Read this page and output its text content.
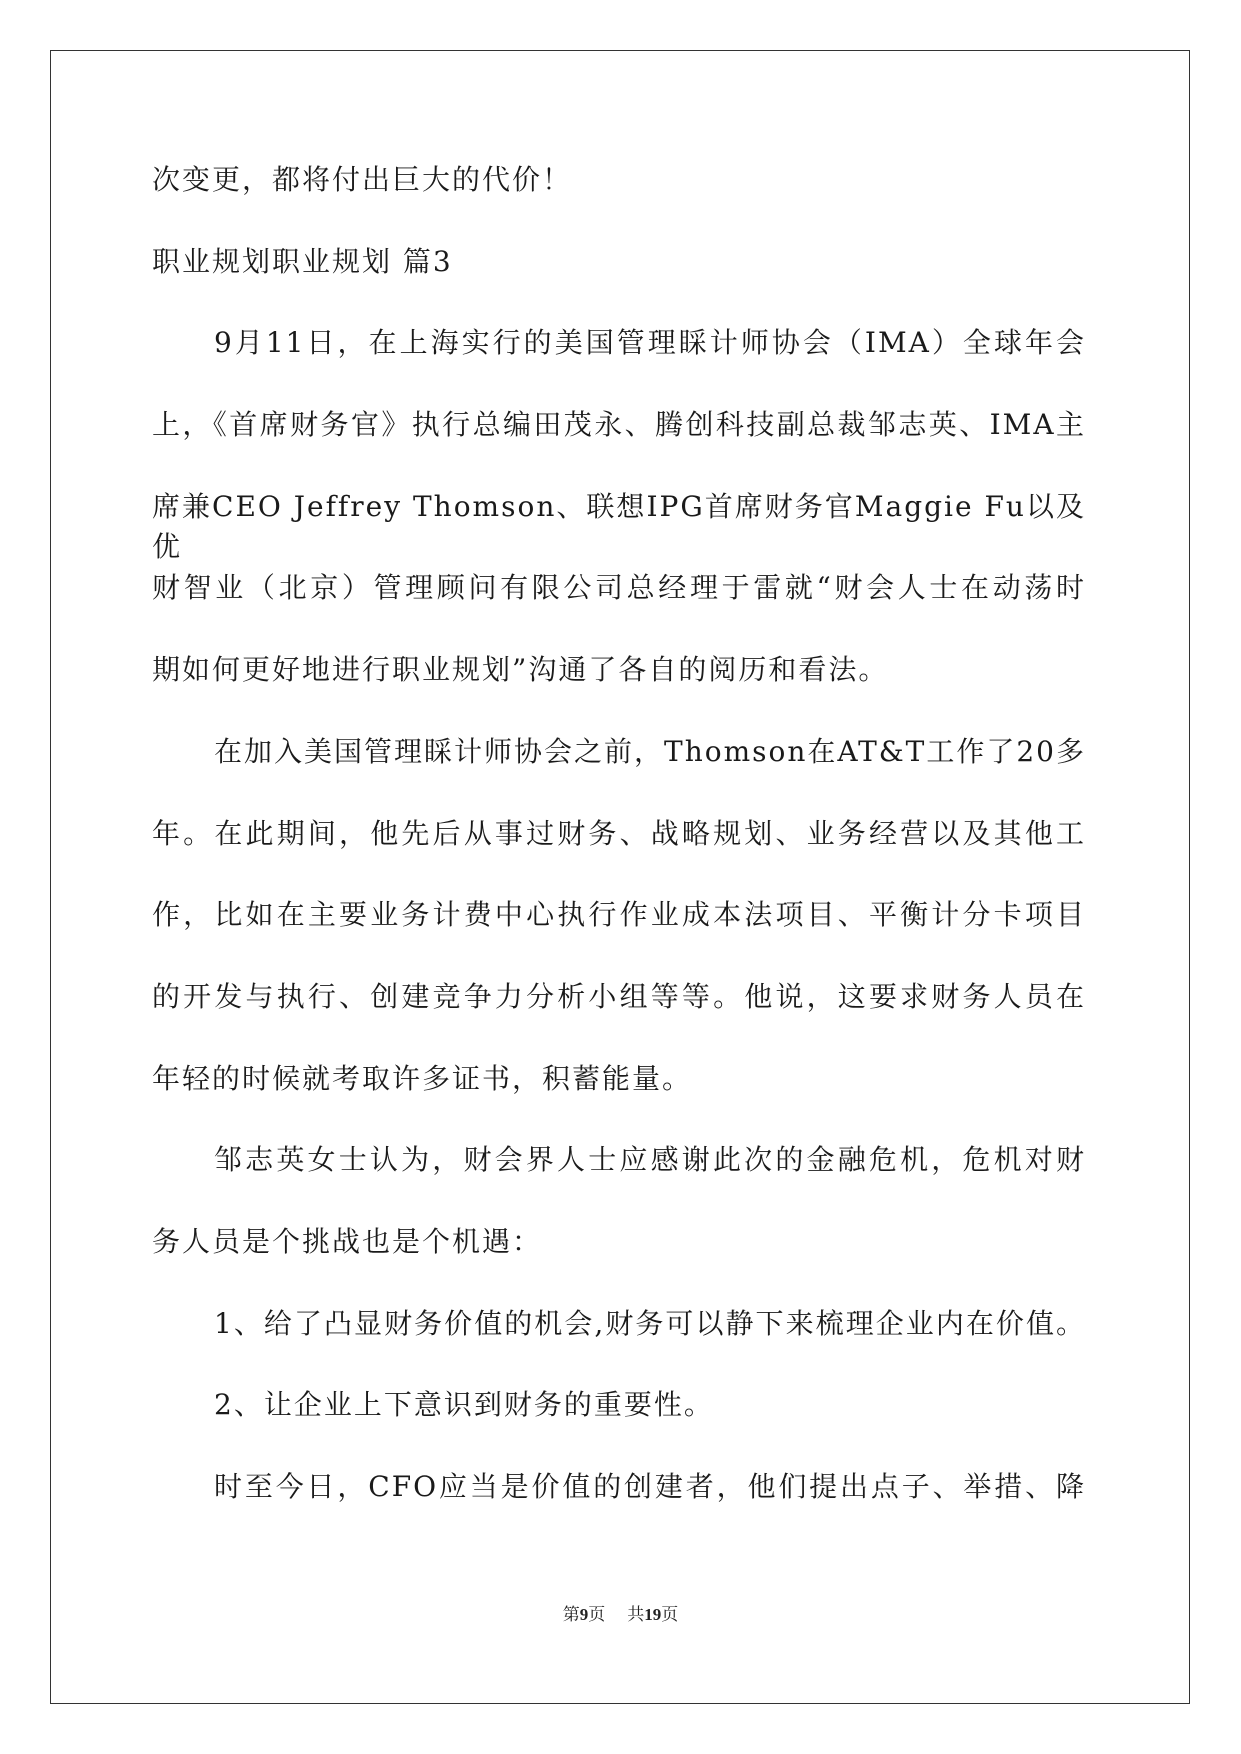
次变更，都将付出巨大的代价！
职业规划职业规划 篇3
9月11日，在上海实行的美国管理睬计师协会（IMA）全球年会
上，《首席财务官》执行总编田茂永、腾创科技副总裁邹志英、IMA主
席兼CEO Jeffrey Thomson、联想IPG首席财务官Maggie Fu以及优
财智业（北京）管理顾问有限公司总经理于雷就“财会人士在动荡时
期如何更好地进行职业规划”沟通了各自的阅历和看法。
在加入美国管理睬计师协会之前，Thomson在AT&T工作了20多
年。在此期间，他先后从事过财务、战略规划、业务经营以及其他工
作，比如在主要业务计费中心执行作业成本法项目、平衡计分卡项目
的开发与执行、创建竞争力分析小组等等。他说，这要求财务人员在
年轻的时候就考取许多证书，积蓄能量。
邹志英女士认为，财会界人士应感谢此次的金融危机，危机对财
务人员是个挑战也是个机遇：
1、给了凸显财务价值的机会,财务可以静下来梳理企业内在价值。
2、让企业上下意识到财务的重要性。
时至今日，CFO应当是价值的创建者，他们提出点子、举措、降
第9页 共19页
